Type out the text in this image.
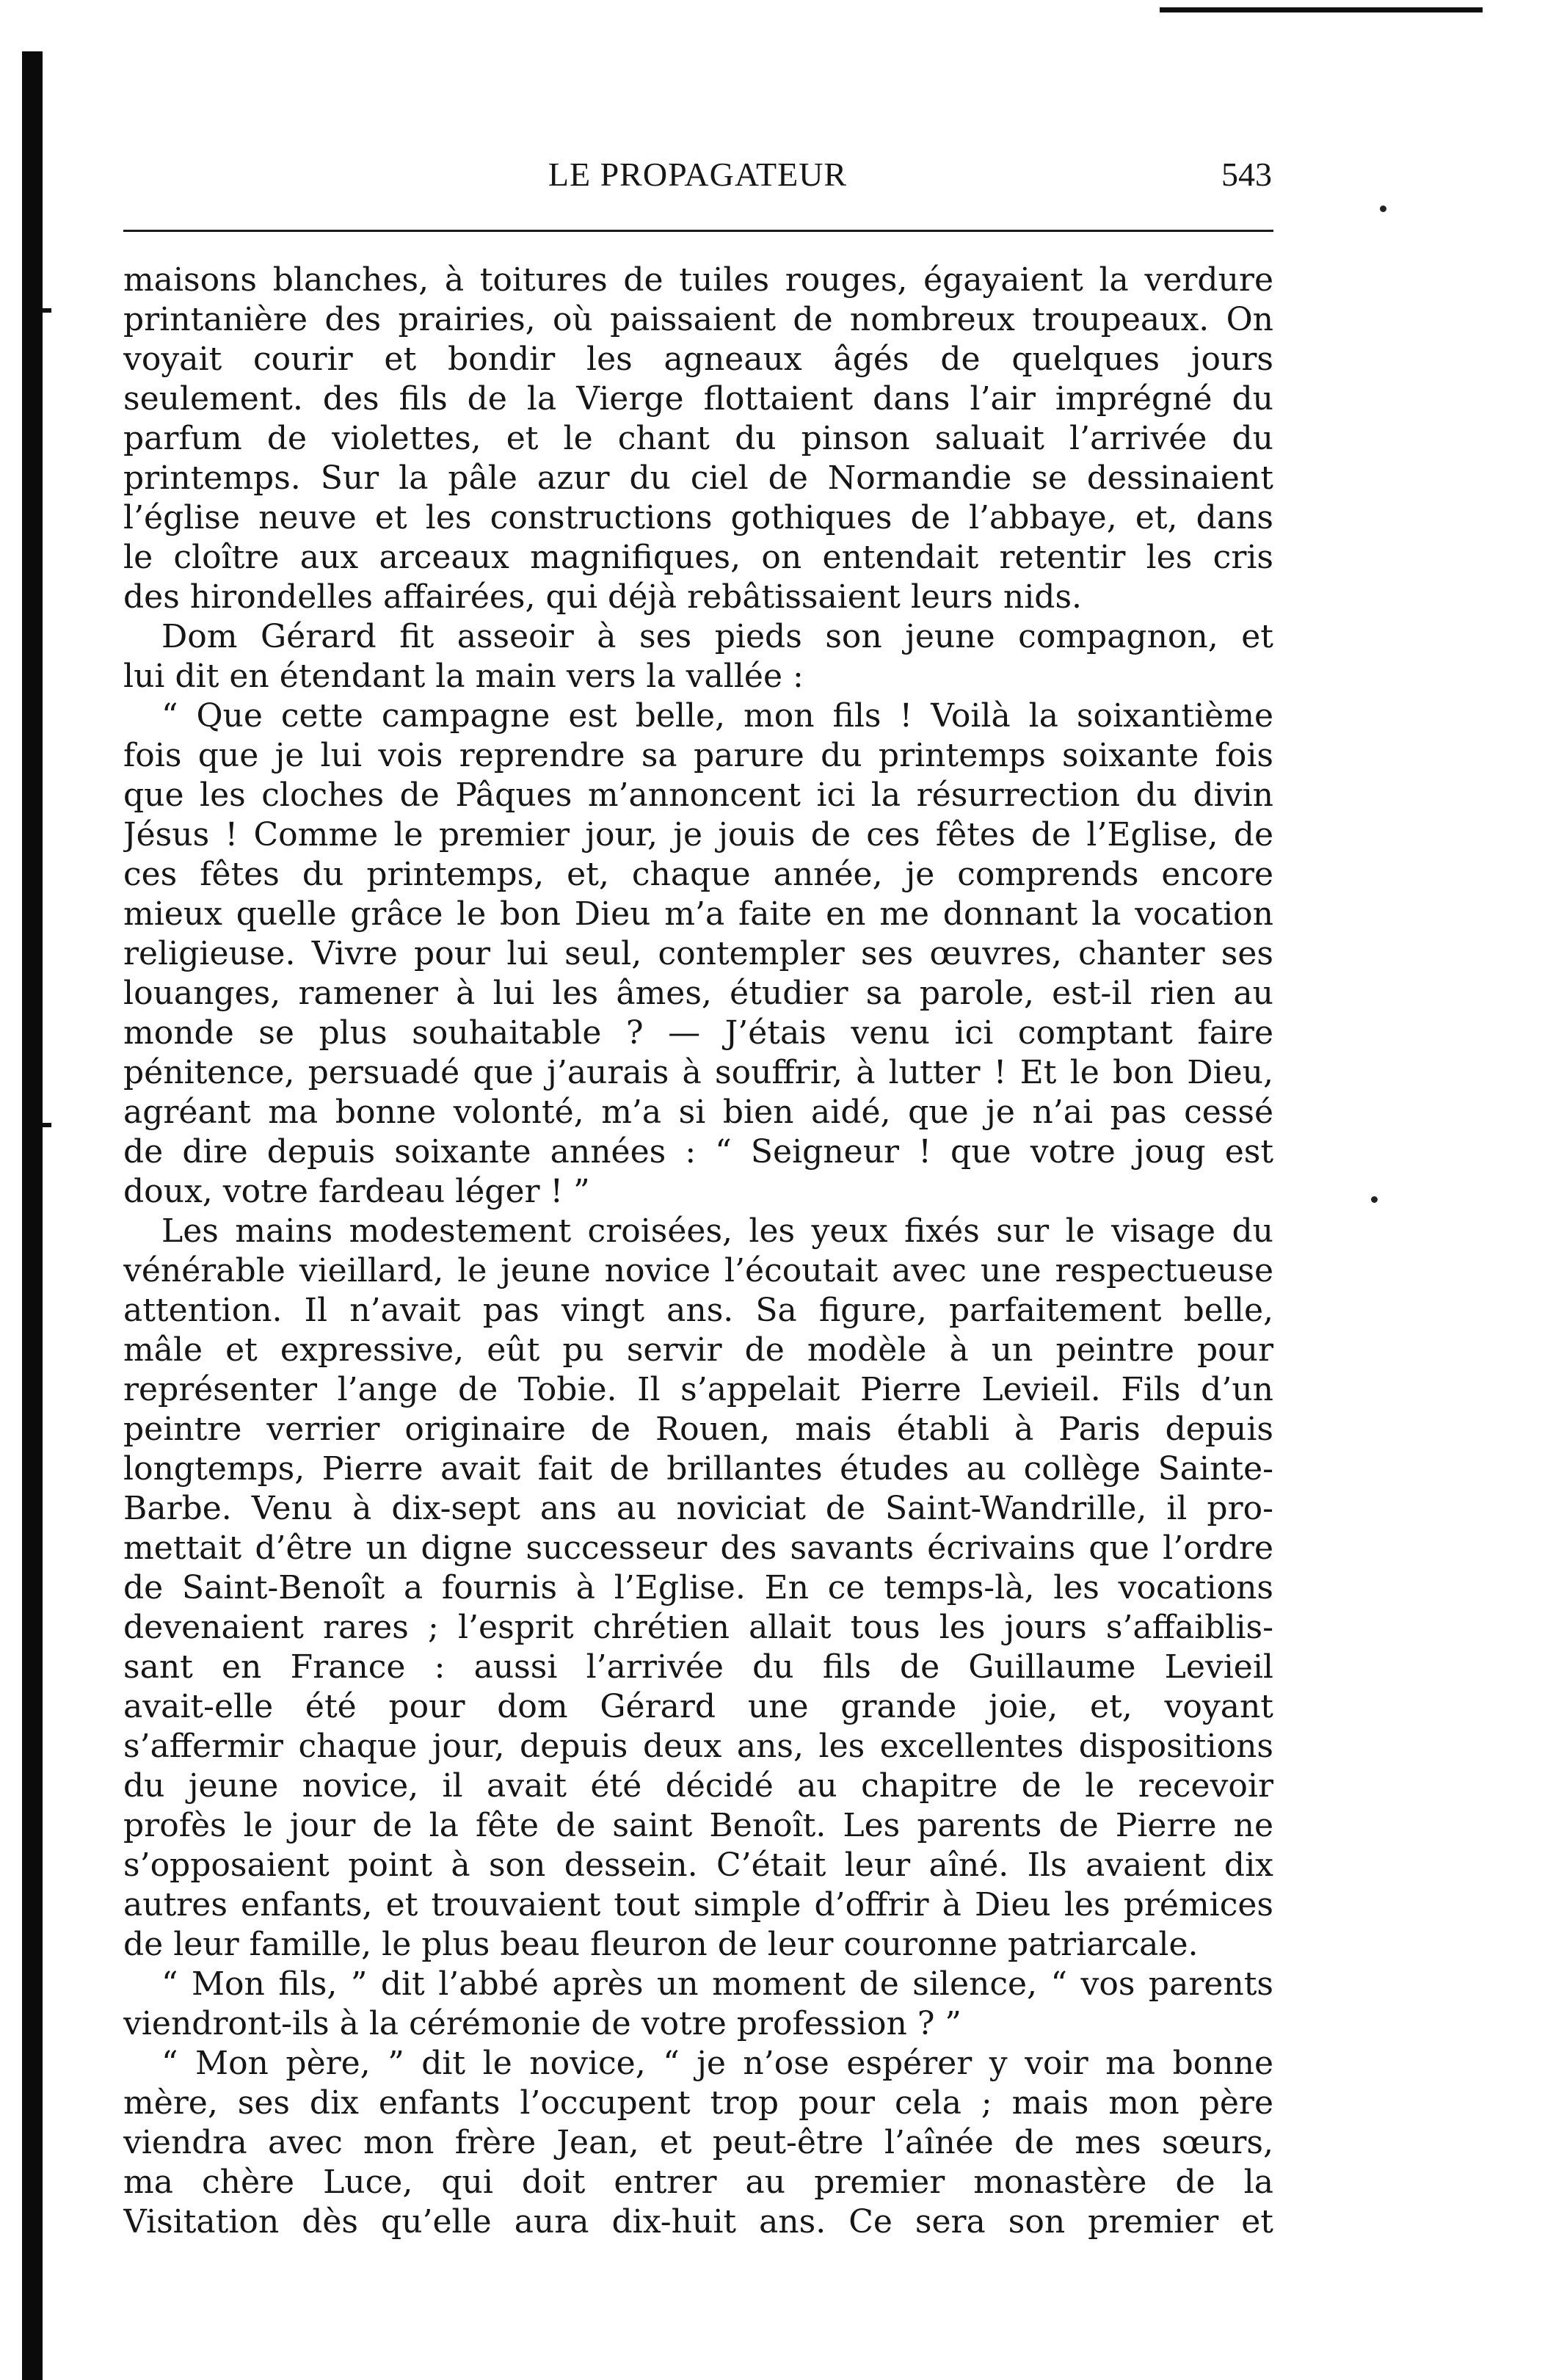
LE PROPAGATEUR	543
maisons blanches, à toitures de tuiles rouges, égayaient la verdure
printanière des prairies, où paissaient de nombreux troupeaux. On
voyait courir et bondir les agneaux âgés de quelques jours
seulement. des fils de la Vierge flottaient dans l’air imprégné du
parfum de violettes, et le chant du pinson saluait l’arrivée du
printemps. Sur la pâle azur du ciel de Normandie se dessinaient
l’église neuve et les constructions gothiques de l’abbaye, et, dans
le cloître aux arceaux magnifiques, on entendait retentir les cris
des hirondelles affairées, qui déjà rebâtissaient leurs nids.
Dom Gérard fit asseoir à ses pieds son jeune compagnon, et
lui dit en étendant la main vers la vallée :
“ Que cette campagne est belle, mon fils ! Voilà la soixantième
fois que je lui vois reprendre sa parure du printemps soixante fois
que les cloches de Pâques m’annoncent ici la résurrection du divin
Jésus ! Comme le premier jour, je jouis de ces fêtes de l’Eglise, de
ces fêtes du printemps, et, chaque année, je comprends encore
mieux quelle grâce le bon Dieu m’a faite en me donnant la vocation
religieuse. Vivre pour lui seul, contempler ses œuvres, chanter ses
louanges, ramener à lui les âmes, étudier sa parole, est-il rien au
monde se plus souhaitable ? — J’étais venu ici comptant faire
pénitence, persuadé que j’aurais à souffrir, à lutter ! Et le bon Dieu,
agréant ma bonne volonté, m’a si bien aidé, que je n’ai pas cessé
de dire depuis soixante années : “ Seigneur ! que votre joug est
doux, votre fardeau léger ! ”
Les mains modestement croisées, les yeux fixés sur le visage du
vénérable vieillard, le jeune novice l’écoutait avec une respectueuse
attention. Il n’avait pas vingt ans. Sa figure, parfaitement belle,
mâle et expressive, eût pu servir de modèle à un peintre pour
représenter l’ange de Tobie. Il s’appelait Pierre Levieil. Fils d’un
peintre verrier originaire de Rouen, mais établi à Paris depuis
longtemps, Pierre avait fait de brillantes études au collège Sainte-
Barbe. Venu à dix-sept ans au noviciat de Saint-Wandrille, il pro-
mettait d’être un digne successeur des savants écrivains que l’ordre
de Saint-Benoît a fournis à l’Eglise. En ce temps-là, les vocations
devenaient rares ; l’esprit chrétien allait tous les jours s’affaiblis-
sant en France : aussi l’arrivée du fils de Guillaume Levieil
avait-elle été pour dom Gérard une grande joie, et, voyant
s’affermir chaque jour, depuis deux ans, les excellentes dispositions
du jeune novice, il avait été décidé au chapitre de le recevoir
profès le jour de la fête de saint Benoît. Les parents de Pierre ne
s’opposaient point à son dessein. C’était leur aîné. Ils avaient dix
autres enfants, et trouvaient tout simple d’offrir à Dieu les prémices
de leur famille, le plus beau fleuron de leur couronne patriarcale.
“ Mon fils, ” dit l’abbé après un moment de silence, “ vos parents
viendront-ils à la cérémonie de votre profession ? ”
“ Mon père, ” dit le novice, “ je n’ose espérer y voir ma bonne
mère, ses dix enfants l’occupent trop pour cela ; mais mon père
viendra avec mon frère Jean, et peut-être l’aînée de mes sœurs,
ma chère Luce, qui doit entrer au premier monastère de la
Visitation dès qu’elle aura dix-huit ans. Ce sera son premier et
